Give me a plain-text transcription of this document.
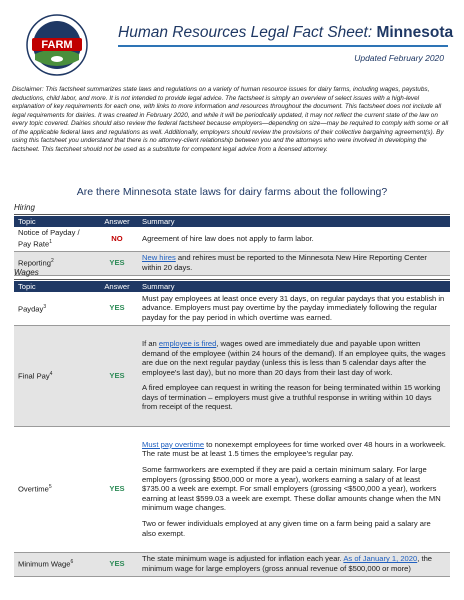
FARM
Human Resources Legal Fact Sheet: Minnesota
Updated February 2020
Disclaimer: This factsheet summarizes state laws and regulations on a variety of human resource issues for dairy farms, including wages, paystubs, deductions, child labor, and more. It is not intended to provide legal advice. The factsheet is simply an overview of select issues with a high-level explanation of key requirements for each one, with links to more information and resources throughout the document. This factsheet does not include all legal requirements for dairies. It was created in February 2020, and while it will be periodically updated, it may not reflect the current state of the law on every topic covered. Dairies should also review the federal factsheet because employers—depending on size—may be required to comply with some or all of the applicable federal laws and regulations as well. Additionally, employers should review the provisions of their collective bargaining agreement(s). By using this factsheet you understand that there is no attorney-client relationship between you and the attorneys who were involved in developing the factsheet. This factsheet should not be used as a substitute for competent legal advice from a licensed attorney.
Are there Minnesota state laws for dairy farms about the following?
Hiring
Topic	Answer	Summary
Notice of Payday / Pay Rate$^1$	NO	Agreement of hire law does not apply to farm labor.
Reporting$^2$	YES	New hires and rehires must be reported to the Minnesota New Hire Reporting Center within 20 days.
Wages
Topic	Answer	Summary
Payday$^3$	YES	Must pay employees at least once every 31 days, on regular paydays that you establish in advance. Employers must pay overtime by the payday immediately following the regular payday for the pay period in which overtime was earned.
Final Pay$^4$	YES	If an employee is fired, wages owed are immediately due and payable upon written demand of the employee (within 24 hours of the demand). If an employee quits, the wages are due on the next regular payday (unless this is less than 5 calendar days after the employee's last day), but no more than 20 days from their last day of work.
A fired employee can request in writing the reason for being terminated within 15 working days of termination – employers must give a truthful response in writing within 10 days from receipt of the request.

Overtime$^5$	YES	Must pay overtime to nonexempt employees for time worked over 48 hours in a workweek. The rate must be at least 1.5 times the employee's regular pay.
Some farmworkers are exempted if they are paid a certain minimum salary. For large employers (grossing $500,000 or more a year), workers earning a salary of at least $735.00 a week are exempt. For small employers (grossing <$500,000 a year), workers earning at least $599.03 a week are exempt. These dollar amounts change when the MN minimum wage changes.
Two or fewer individuals employed at any given time on a farm being paid a salary are also exempt.

Minimum Wage$^6$	YES	The state minimum wage is adjusted for inflation each year. As of January 1, 2020, the minimum wage for large employers (gross annual revenue of $500,000 or more)
